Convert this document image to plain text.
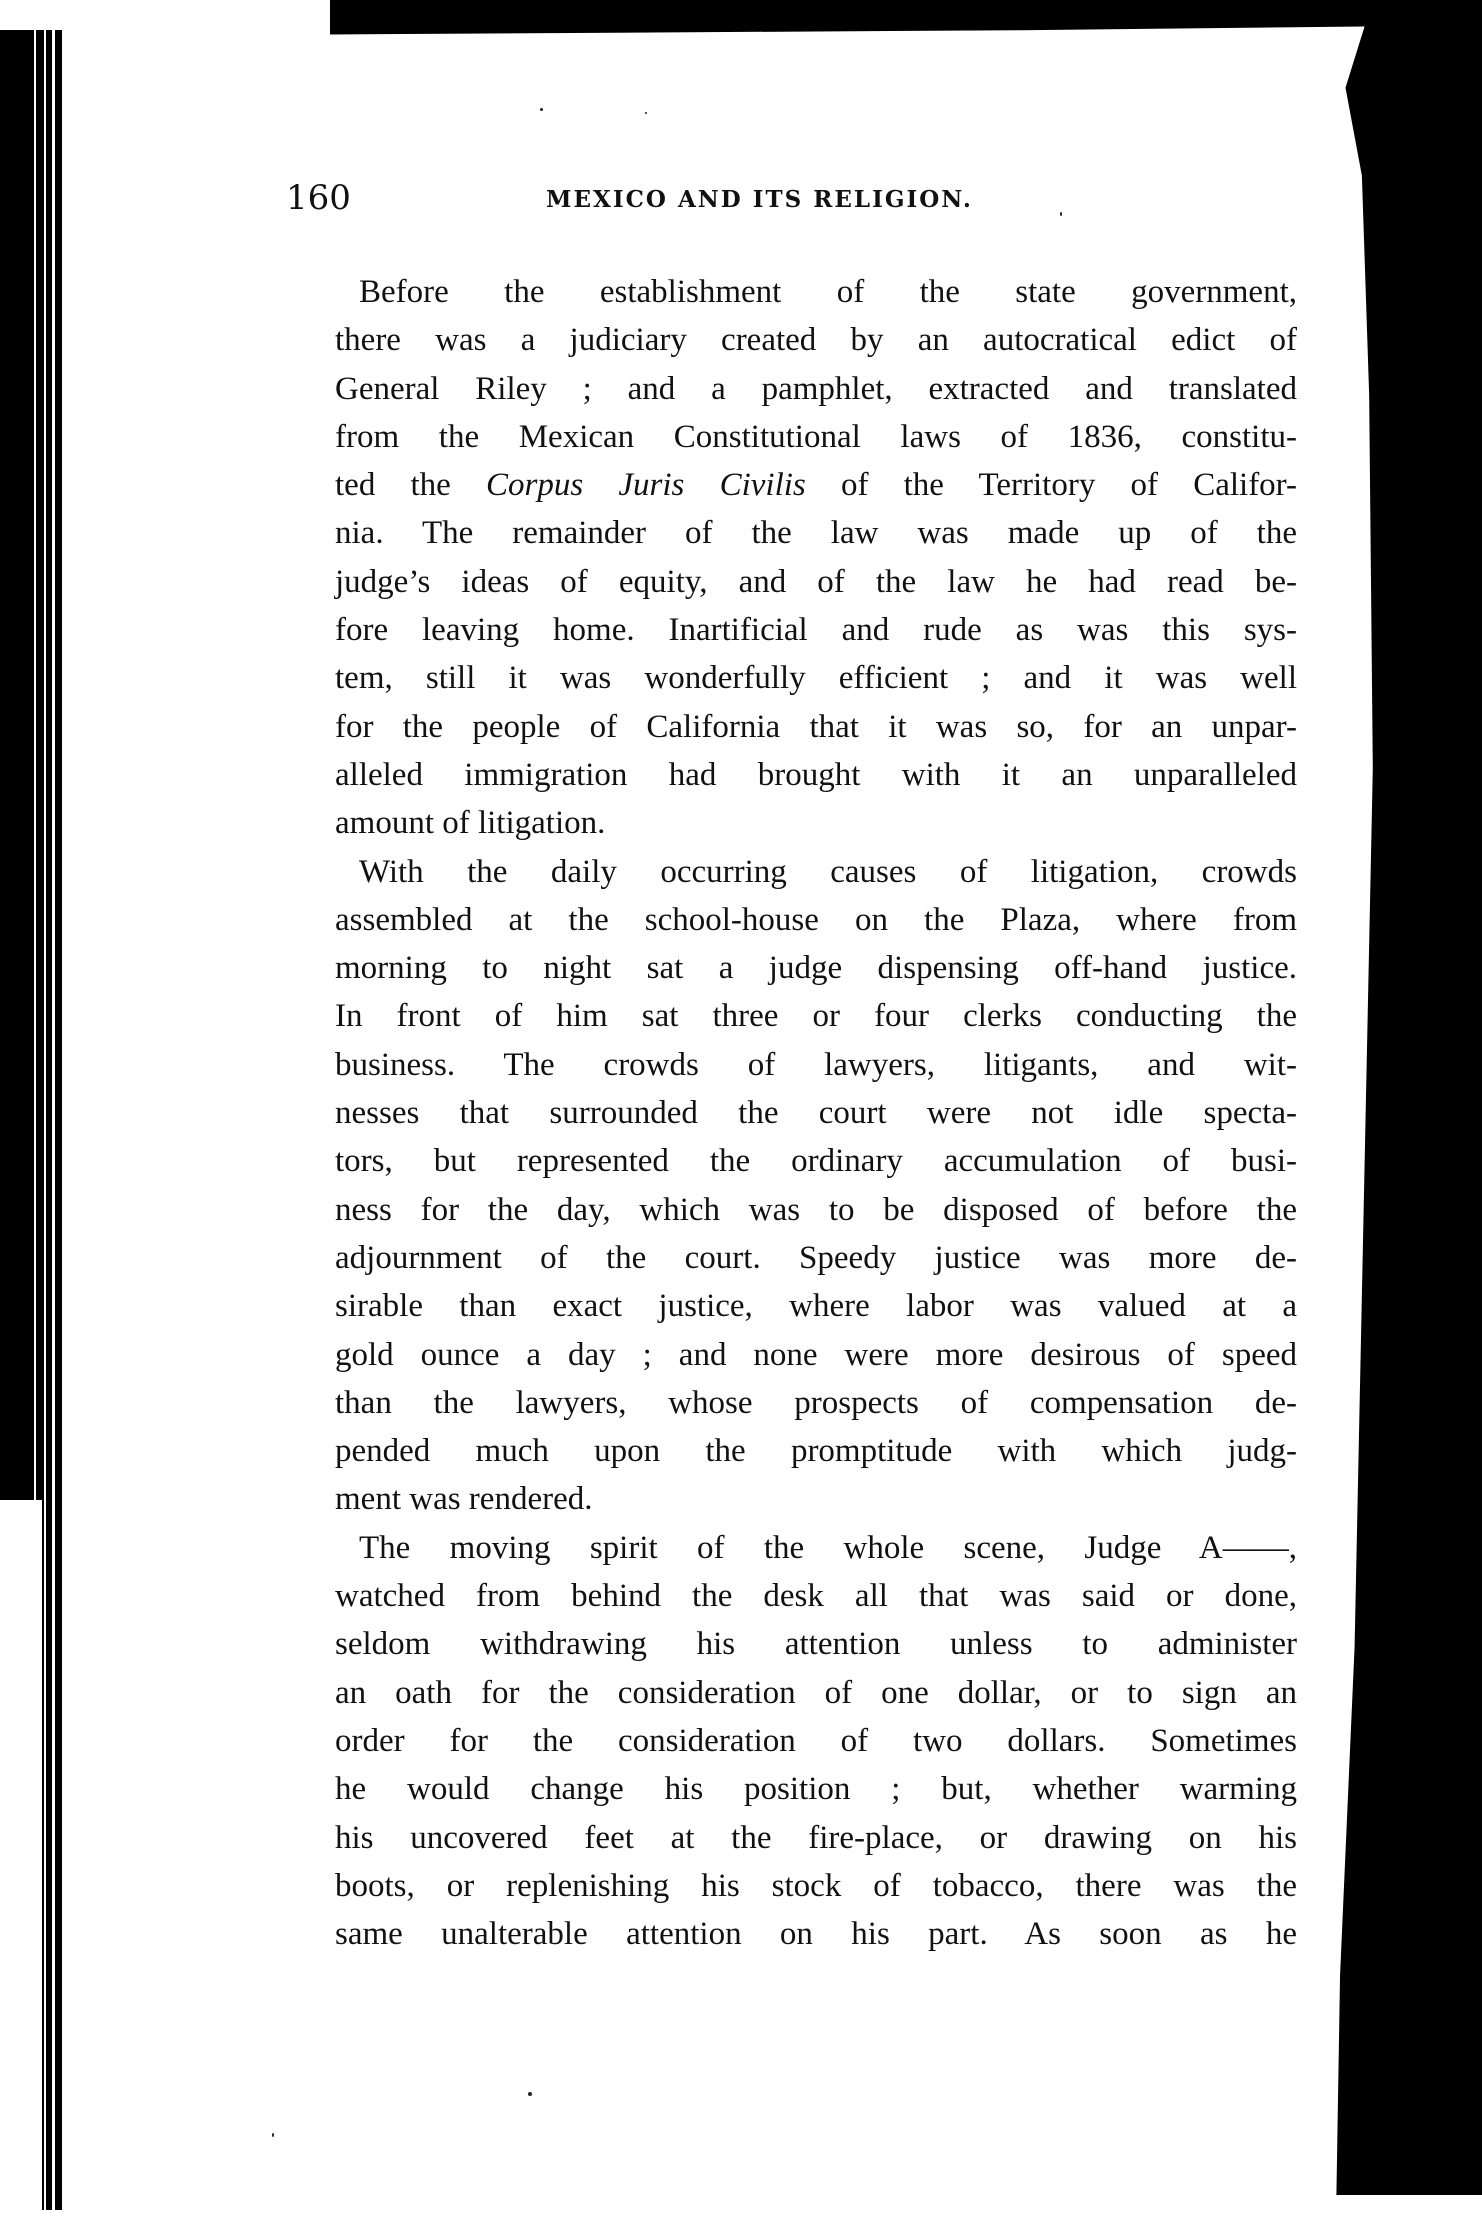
160	MEXICO AND ITS RELIGION.
Before the establishment of the state government,
there was a judiciary created by an autocratical edict of
General Riley ; and a pamphlet, extracted and translated
from the Mexican Constitutional laws of 1836, constitu-
ted the Corpus Juris Civilis of the Territory of Califor-
nia. The remainder of the law was made up of the
judge’s ideas of equity, and of the law he had read be-
fore leaving home. Inartificial and rude as was this sys-
tem, still it was wonderfully efficient ; and it was well
for the people of California that it was so, for an unpar-
alleled immigration had brought with it an unparalleled
amount of litigation.
With the daily occurring causes of litigation, crowds
assembled at the school-house on the Plaza, where from
morning to night sat a judge dispensing off-hand justice.
In front of him sat three or four clerks conducting the
business. The crowds of lawyers, litigants, and wit-
nesses that surrounded the court were not idle specta-
tors, but represented the ordinary accumulation of busi-
ness for the day, which was to be disposed of before the
adjournment of the court. Speedy justice was more de-
sirable than exact justice, where labor was valued at a
gold ounce a day ; and none were more desirous of speed
than the lawyers, whose prospects of compensation de-
pended much upon the promptitude with which judg-
ment was rendered.
The moving spirit of the whole scene, Judge A——,
watched from behind the desk all that was said or done,
seldom withdrawing his attention unless to administer
an oath for the consideration of one dollar, or to sign an
order for the consideration of two dollars. Sometimes
he would change his position ; but, whether warming
his uncovered feet at the fire-place, or drawing on his
boots, or replenishing his stock of tobacco, there was the
same unalterable attention on his part. As soon as he
